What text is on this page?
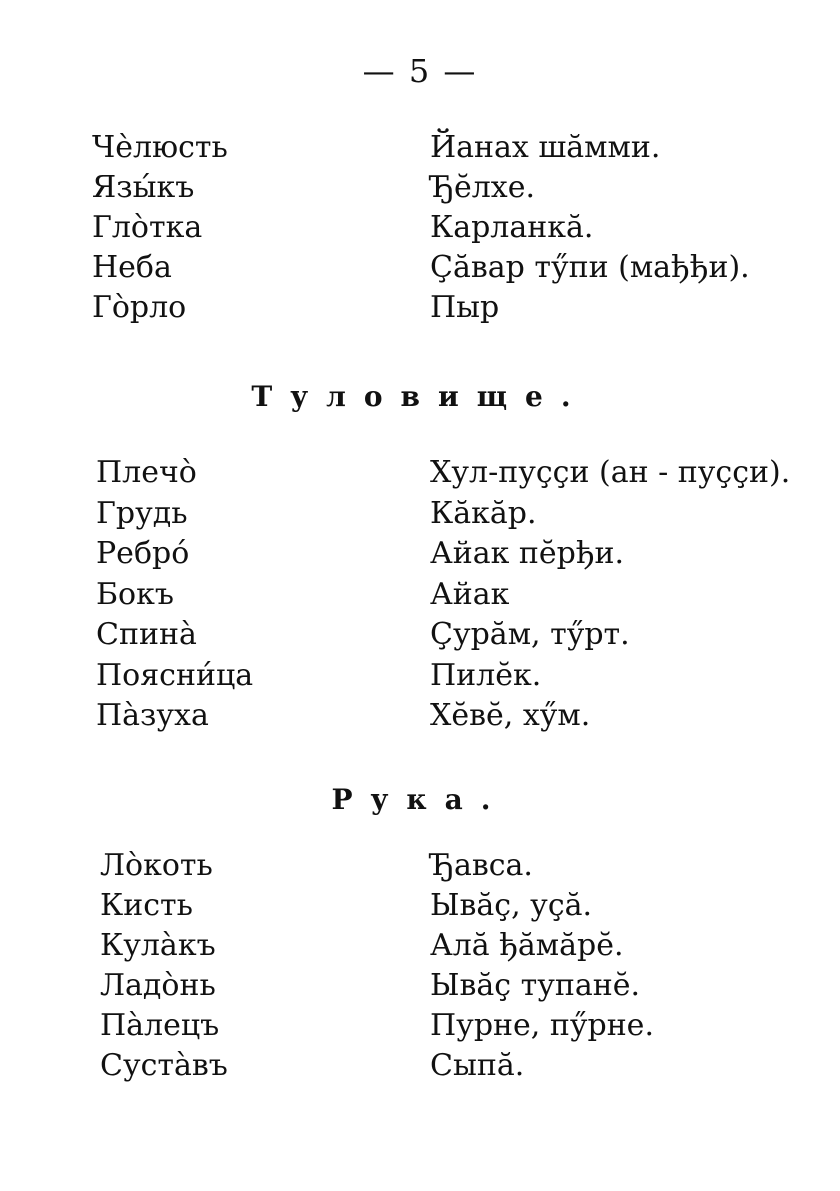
— 5 —
Чѐлюсть	Йанах шăмми.
Язы́къ	Ђĕлхе.
Гло̀тка	Карланкă.
Неба	Çăвар тӳпи (мађђи).
Го̀рло	Пыр
Туловище.
Плечо̀	Хул-пуççи (ан - пуççи).
Грудь	Кăкăр.
Ребро́	Айак пĕрђи.
Бокъ	Айак
Спина̀	Çурăм, тӳрт.
Поясни́ца	Пилĕк.
Па̀зуха	Хĕвĕ, хӳм.
Рука.
Ло̀коть	Ђавса.
Кисть	Ывăç, уçă.
Кула̀къ	Алă ђăмăрĕ.
Ладо̀нь	Ывăç тупанĕ.
Па̀лецъ	Пурне, пӳрне.
Суста̀въ	Сыпă.
